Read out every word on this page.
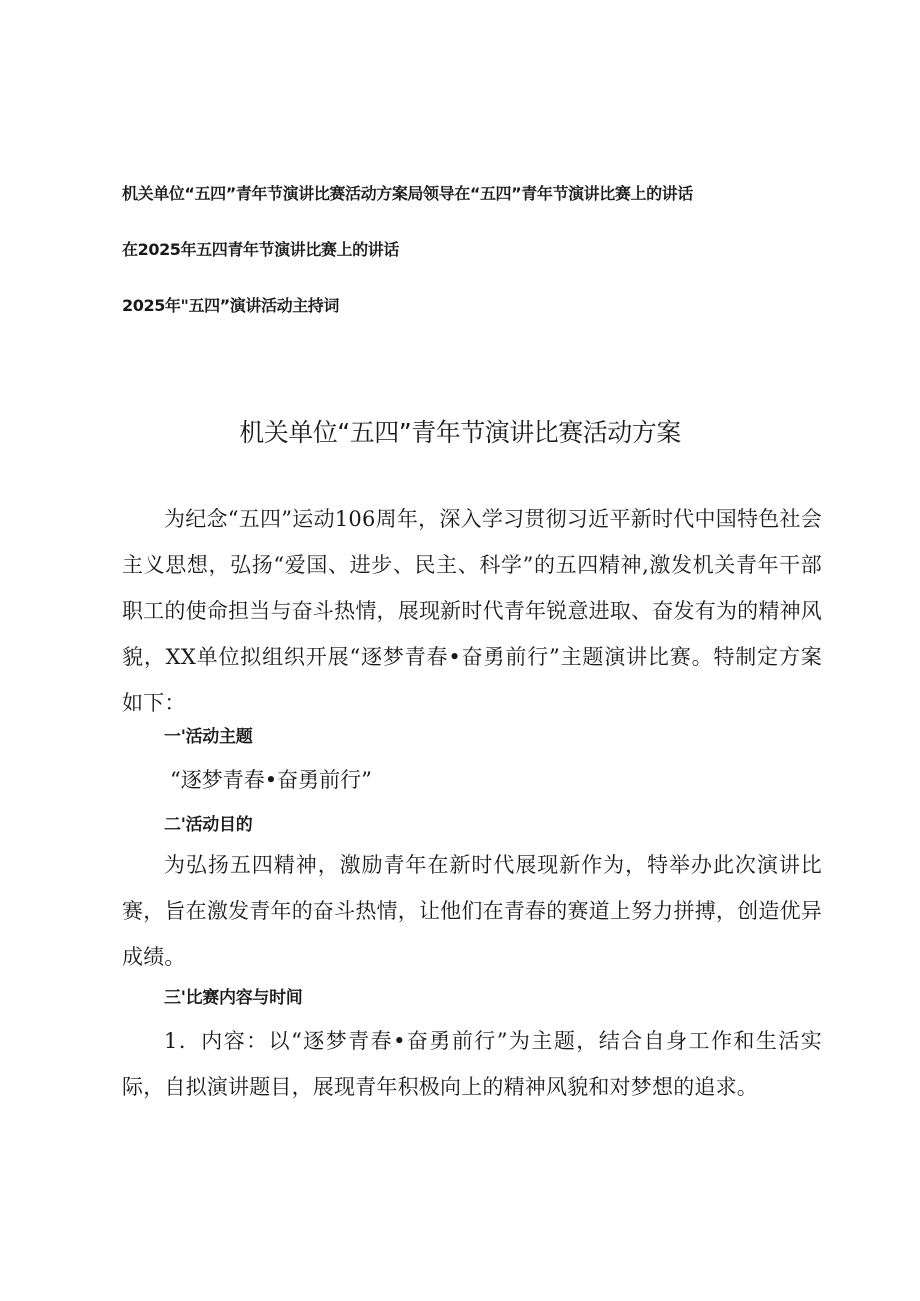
机关单位“五四”青年节演讲比赛活动方案局领导在“五四”青年节演讲比赛上的讲话
在2025年五四青年节演讲比赛上的讲话
2025年"五四”演讲活动主持词
机关单位“五四”青年节演讲比赛活动方案
为纪念“五四”运动106周年，深入学习贯彻习近平新时代中国特色社会主义思想，弘扬“爱国、进步、民主、科学”的五四精神,激发机关青年干部职工的使命担当与奋斗热情，展现新时代青年锐意进取、奋发有为的精神风貌，XX单位拟组织开展“逐梦青春•奋勇前行”主题演讲比赛。特制定方案如下：
一'活动主题
“逐梦青春•奋勇前行”
二'活动目的
为弘扬五四精神，激励青年在新时代展现新作为，特举办此次演讲比赛，旨在激发青年的奋斗热情，让他们在青春的赛道上努力拼搏，创造优异成绩。
三'比赛内容与时间
1．内容：以“逐梦青春•奋勇前行”为主题，结合自身工作和生活实际，自拟演讲题目，展现青年积极向上的精神风貌和对梦想的追求。
